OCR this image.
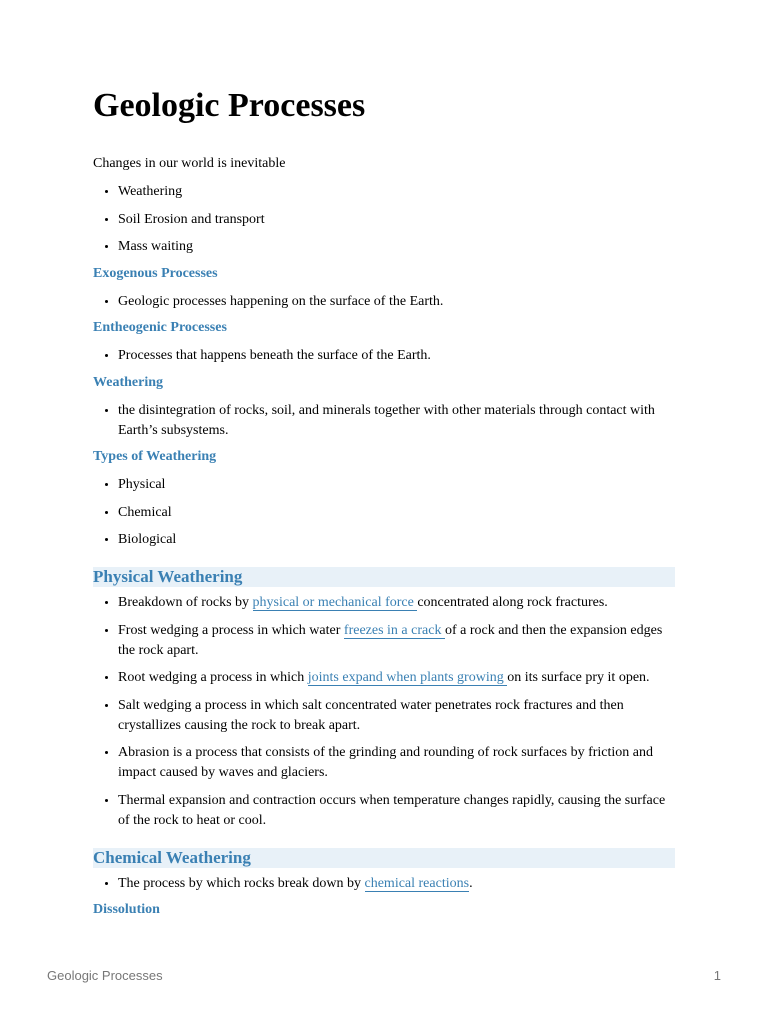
Geologic Processes

Changes in our world is inevitable

• Weathering
• Soil Erosion and transport
• Mass waiting
Exogenous Processes
• Geologic processes happening on the surface of the Earth.
Entheogenic Processes
• Processes that happens beneath the surface of the Earth.
Weathering
• the disintegration of rocks, soil, and minerals together with other materials through contact with Earth’s subsystems.
Types of Weathering
• Physical
• Chemical
• Biological
Physical Weathering
• Breakdown of rocks by physical or mechanical force concentrated along rock fractures.
• Frost wedging a process in which water freezes in a crack of a rock and then the expansion edges the rock apart.
• Root wedging a process in which joints expand when plants growing on its surface pry it open.
• Salt wedging a process in which salt concentrated water penetrates rock fractures and then crystallizes causing the rock to break apart.
• Abrasion is a process that consists of the grinding and rounding of rock surfaces by friction and impact caused by waves and glaciers.
• Thermal expansion and contraction occurs when temperature changes rapidly, causing the surface of the rock to heat or cool.
Chemical Weathering
• The process by which rocks break down by chemical reactions.
Dissolution
Geologic Processes	1
